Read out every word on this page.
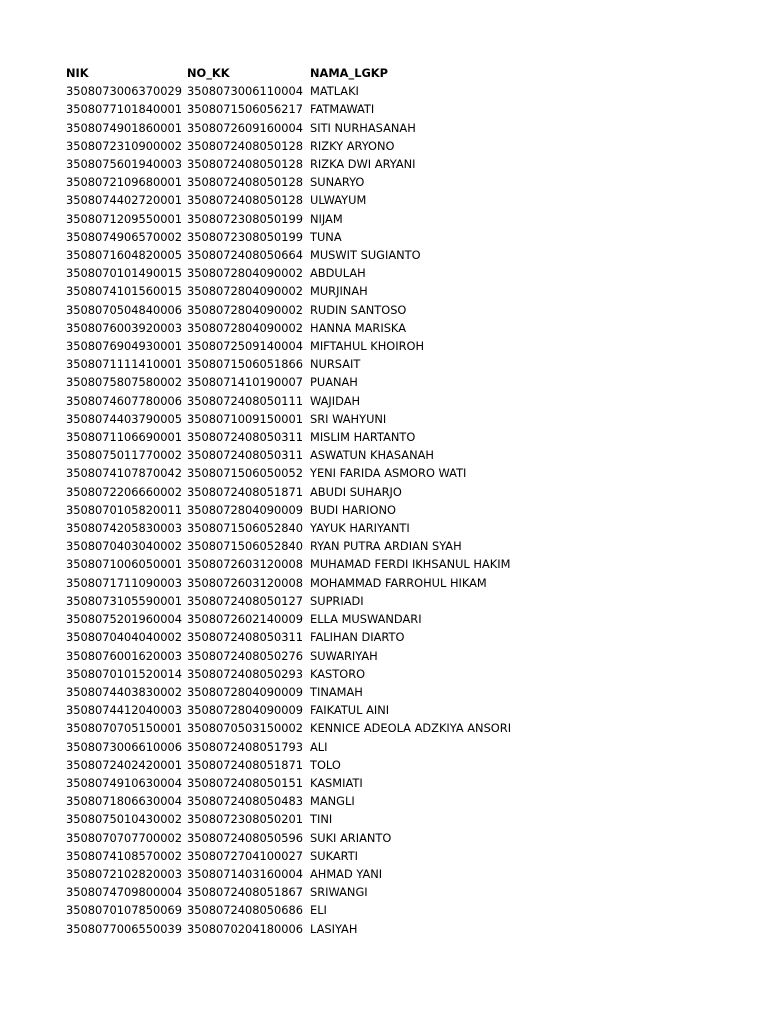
NIK	NO_KK	NAMA_LGKP
3508073006370029	3508073006110004	MATLAKI
3508077101840001	3508071506056217	FATMAWATI
3508074901860001	3508072609160004	SITI NURHASANAH
3508072310900002	3508072408050128	RIZKY ARYONO
3508075601940003	3508072408050128	RIZKA DWI ARYANI
3508072109680001	3508072408050128	SUNARYO
3508074402720001	3508072408050128	ULWAYUM
3508071209550001	3508072308050199	NIJAM
3508074906570002	3508072308050199	TUNA
3508071604820005	3508072408050664	MUSWIT SUGIANTO
3508070101490015	3508072804090002	ABDULAH
3508074101560015	3508072804090002	MURJINAH
3508070504840006	3508072804090002	RUDIN SANTOSO
3508076003920003	3508072804090002	HANNA MARISKA
3508076904930001	3508072509140004	MIFTAHUL KHOIROH
3508071111410001	3508071506051866	NURSAIT
3508075807580002	3508071410190007	PUANAH
3508074607780006	3508072408050111	WAJIDAH
3508074403790005	3508071009150001	SRI WAHYUNI
3508071106690001	3508072408050311	MISLIM HARTANTO
3508075011770002	3508072408050311	ASWATUN KHASANAH
3508074107870042	3508071506050052	YENI FARIDA ASMORO WATI
3508072206660002	3508072408051871	ABUDI SUHARJO
3508070105820011	3508072804090009	BUDI HARIONO
3508074205830003	3508071506052840	YAYUK HARIYANTI
3508070403040002	3508071506052840	RYAN PUTRA ARDIAN SYAH
3508071006050001	3508072603120008	MUHAMAD FERDI IKHSANUL HAKIM
3508071711090003	3508072603120008	MOHAMMAD FARROHUL HIKAM
3508073105590001	3508072408050127	SUPRIADI
3508075201960004	3508072602140009	ELLA MUSWANDARI
3508070404040002	3508072408050311	FALIHAN DIARTO
3508076001620003	3508072408050276	SUWARIYAH
3508070101520014	3508072408050293	KASTORO
3508074403830002	3508072804090009	TINAMAH
3508074412040003	3508072804090009	FAIKATUL AINI
3508070705150001	3508070503150002	KENNICE ADEOLA ADZKIYA ANSORI
3508073006610006	3508072408051793	ALI
3508072402420001	3508072408051871	TOLO
3508074910630004	3508072408050151	KASMIATI
3508071806630004	3508072408050483	MANGLI
3508075010430002	3508072308050201	TINI
3508070707700002	3508072408050596	SUKI ARIANTO
3508074108570002	3508072704100027	SUKARTI
3508072102820003	3508071403160004	AHMAD YANI
3508074709800004	3508072408051867	SRIWANGI
3508070107850069	3508072408050686	ELI
3508077006550039	3508070204180006	LASIYAH
